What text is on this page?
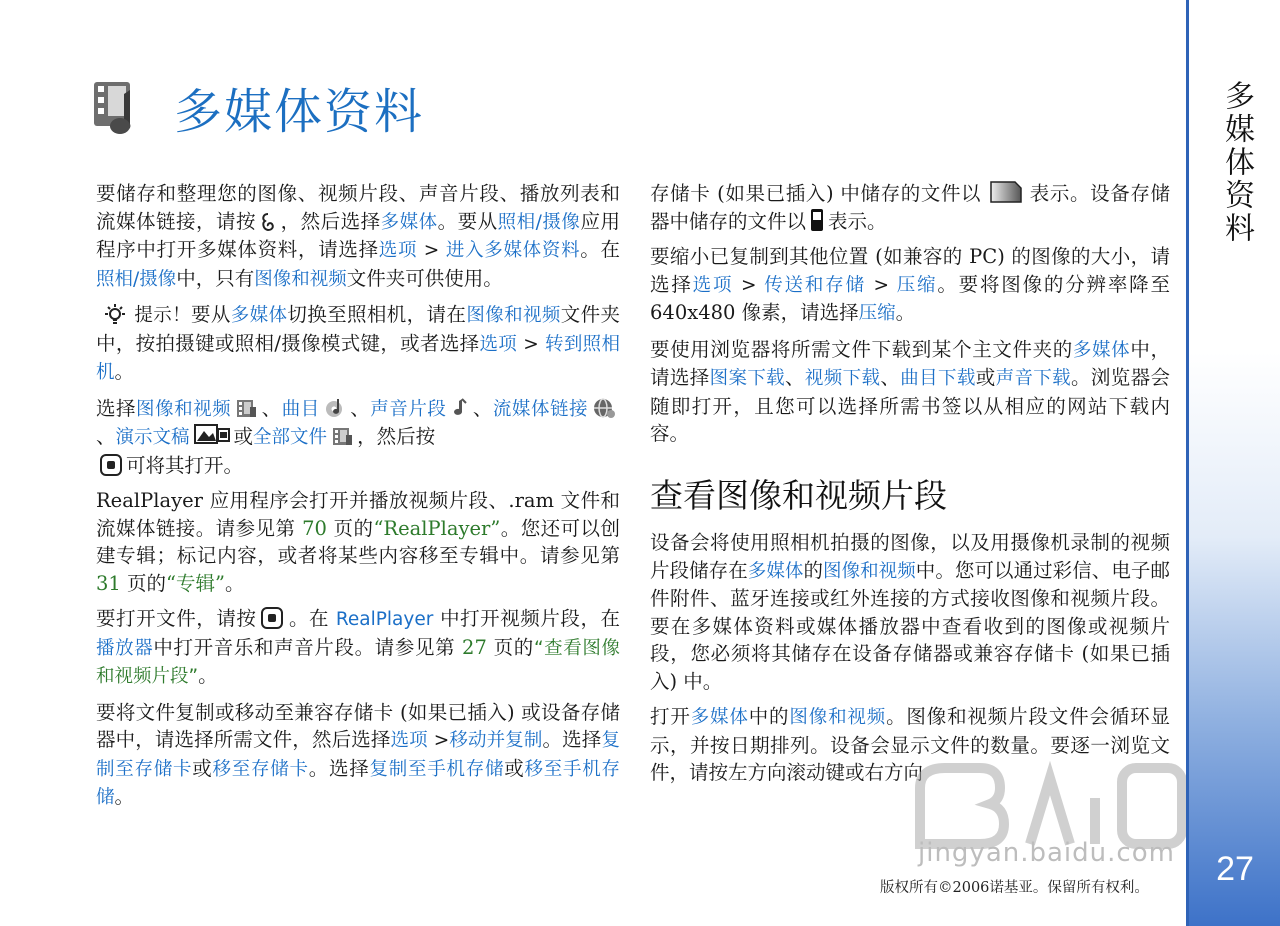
多媒体资料

要储存和整理您的图像、视频片段、声音片段、播放列表和流媒体链接，请按 ，然后选择多媒体。要从照相/摄像应用程序中打开多媒体资料，请选择选项 > 进入多媒体资料。在照相/摄像中，只有图像和视频文件夹可供使用。

提示！要从多媒体切换至照相机，请在图像和视频文件夹中，按拍摄键或照相/摄像模式键，或者选择选项 > 转到照相机。

选择图像和视频 、曲目 、声音片段 、流媒体链接、演示文稿 或全部文件 ，然后按
可将其打开。

RealPlayer 应用程序会打开并播放视频片段、.ram 文件和流媒体链接。请参见第 70 页的“RealPlayer”。您还可以创建专辑；标记内容，或者将某些内容移至专辑中。请参见第 31 页的“专辑”。

要打开文件，请按 。在 RealPlayer 中打开视频片段，在播放器中打开音乐和声音片段。请参见第 27 页的“查看图像和视频片段”。

要将文件复制或移动至兼容存储卡 (如果已插入) 或设备存储器中，请选择所需文件，然后选择选项 >移动并复制。选择复制至存储卡或移至存储卡。选择复制至手机存储或移至手机存储。

存储卡 (如果已插入) 中储存的文件以 表示。设备存储器中储存的文件以 表示。

要缩小已复制到其他位置 (如兼容的 PC) 的图像的大小，请选择选项 > 传送和存储 > 压缩。要将图像的分辨率降至 640x480 像素，请选择压缩。

要使用浏览器将所需文件下载到某个主文件夹的多媒体中，请选择图案下载、视频下载、曲目下载或声音下载。浏览器会随即打开，且您可以选择所需书签以从相应的网站下载内容。

查看图像和视频片段

设备会将使用照相机拍摄的图像，以及用摄像机录制的视频片段储存在多媒体的图像和视频中。您可以通过彩信、电子邮件附件、蓝牙连接或红外连接的方式接收图像和视频片段。要在多媒体资料或媒体播放器中查看收到的图像或视频片段，您必须将其储存在设备存储器或兼容存储卡 (如果已插入) 中。

打开多媒体中的图像和视频。图像和视频片段文件会循环显示，并按日期排列。设备会显示文件的数量。要逐一浏览文件，请按左方向滚动键或右方向

jingyan.baidu.com
多媒体资料
27
版权所有©2006诺基亚。保留所有权利。
